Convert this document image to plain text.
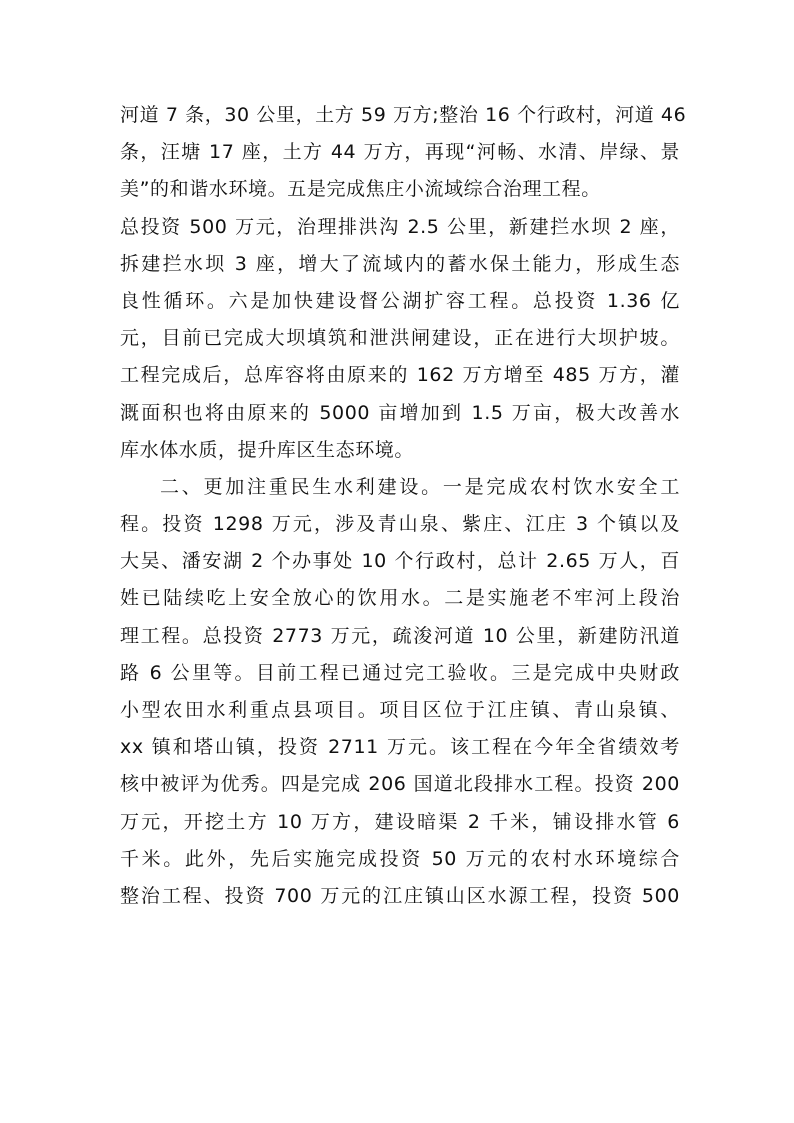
河道 7 条，30 公里，土方 59 万方;整治 16 个行政村，河道 46
条，汪塘 17 座，土方 44 万方，再现“河畅、水清、岸绿、景
美”的和谐水环境。五是完成焦庄小流域综合治理工程。
总投资 500 万元，治理排洪沟 2.5 公里，新建拦水坝 2 座，
拆建拦水坝 3 座，增大了流域内的蓄水保土能力，形成生态
良性循环。六是加快建设督公湖扩容工程。总投资 1.36 亿
元，目前已完成大坝填筑和泄洪闸建设，正在进行大坝护坡。
工程完成后，总库容将由原来的 162 万方增至 485 万方，灌
溉面积也将由原来的 5000 亩增加到 1.5 万亩，极大改善水
库水体水质，提升库区生态环境。
二、更加注重民生水利建设。一是完成农村饮水安全工
程。投资 1298 万元，涉及青山泉、紫庄、江庄 3 个镇以及
大吴、潘安湖 2 个办事处 10 个行政村，总计 2.65 万人，百
姓已陆续吃上安全放心的饮用水。二是实施老不牢河上段治
理工程。总投资 2773 万元，疏浚河道 10 公里，新建防汛道
路 6 公里等。目前工程已通过完工验收。三是完成中央财政
小型农田水利重点县项目。项目区位于江庄镇、青山泉镇、
xx 镇和塔山镇，投资 2711 万元。该工程在今年全省绩效考
核中被评为优秀。四是完成 206 国道北段排水工程。投资 200
万元，开挖土方 10 万方，建设暗渠 2 千米，铺设排水管 6
千米。此外，先后实施完成投资 50 万元的农村水环境综合
整治工程、投资 700 万元的江庄镇山区水源工程，投资 500
